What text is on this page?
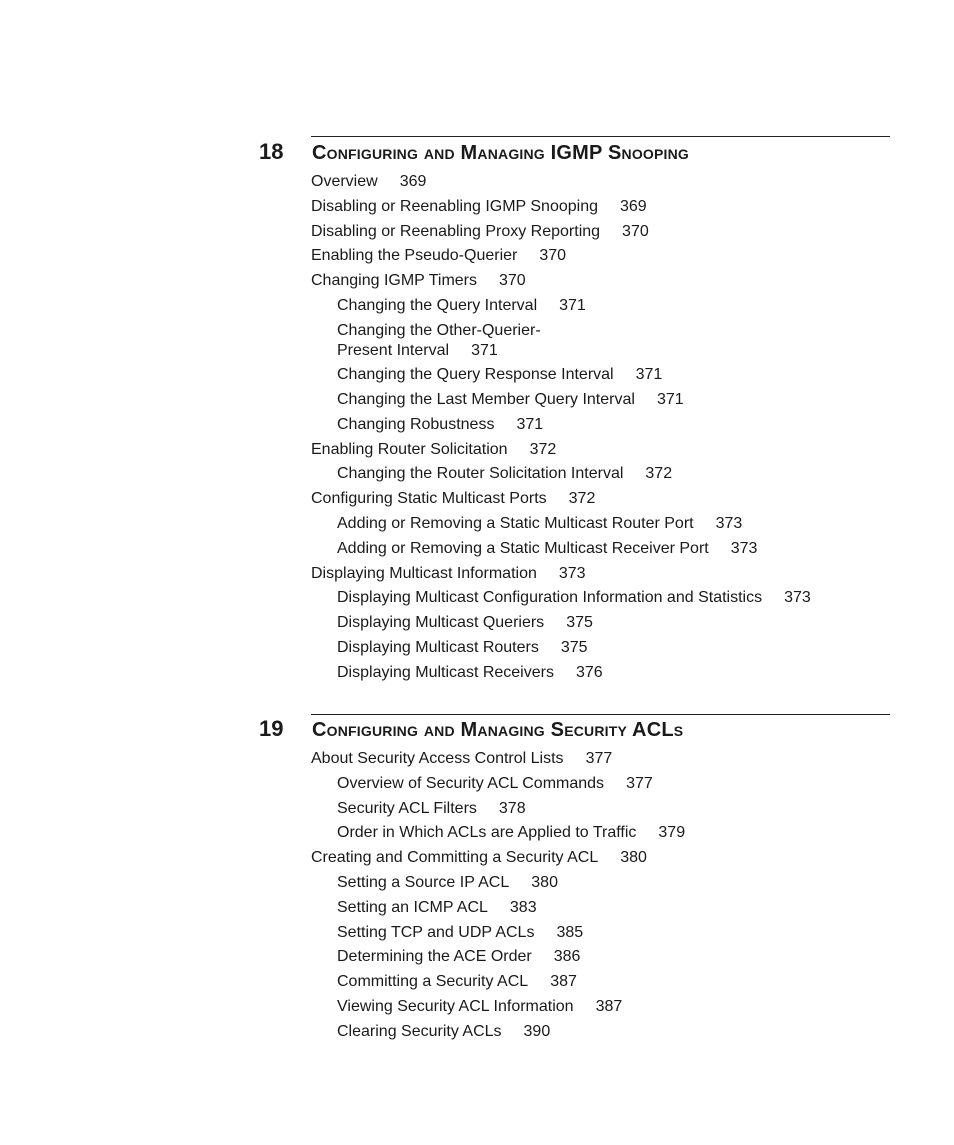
18 Configuring and Managing IGMP Snooping
Overview 369
Disabling or Reenabling IGMP Snooping 369
Disabling or Reenabling Proxy Reporting 370
Enabling the Pseudo-Querier 370
Changing IGMP Timers 370
Changing the Query Interval 371
Changing the Other-Querier-
Present Interval 371
Changing the Query Response Interval 371
Changing the Last Member Query Interval 371
Changing Robustness 371
Enabling Router Solicitation 372
Changing the Router Solicitation Interval 372
Configuring Static Multicast Ports 372
Adding or Removing a Static Multicast Router Port 373
Adding or Removing a Static Multicast Receiver Port 373
Displaying Multicast Information 373
Displaying Multicast Configuration Information and Statistics 373
Displaying Multicast Queriers 375
Displaying Multicast Routers 375
Displaying Multicast Receivers 376
19 Configuring and Managing Security ACLs
About Security Access Control Lists 377
Overview of Security ACL Commands 377
Security ACL Filters 378
Order in Which ACLs are Applied to Traffic 379
Creating and Committing a Security ACL 380
Setting a Source IP ACL 380
Setting an ICMP ACL 383
Setting TCP and UDP ACLs 385
Determining the ACE Order 386
Committing a Security ACL 387
Viewing Security ACL Information 387
Clearing Security ACLs 390
